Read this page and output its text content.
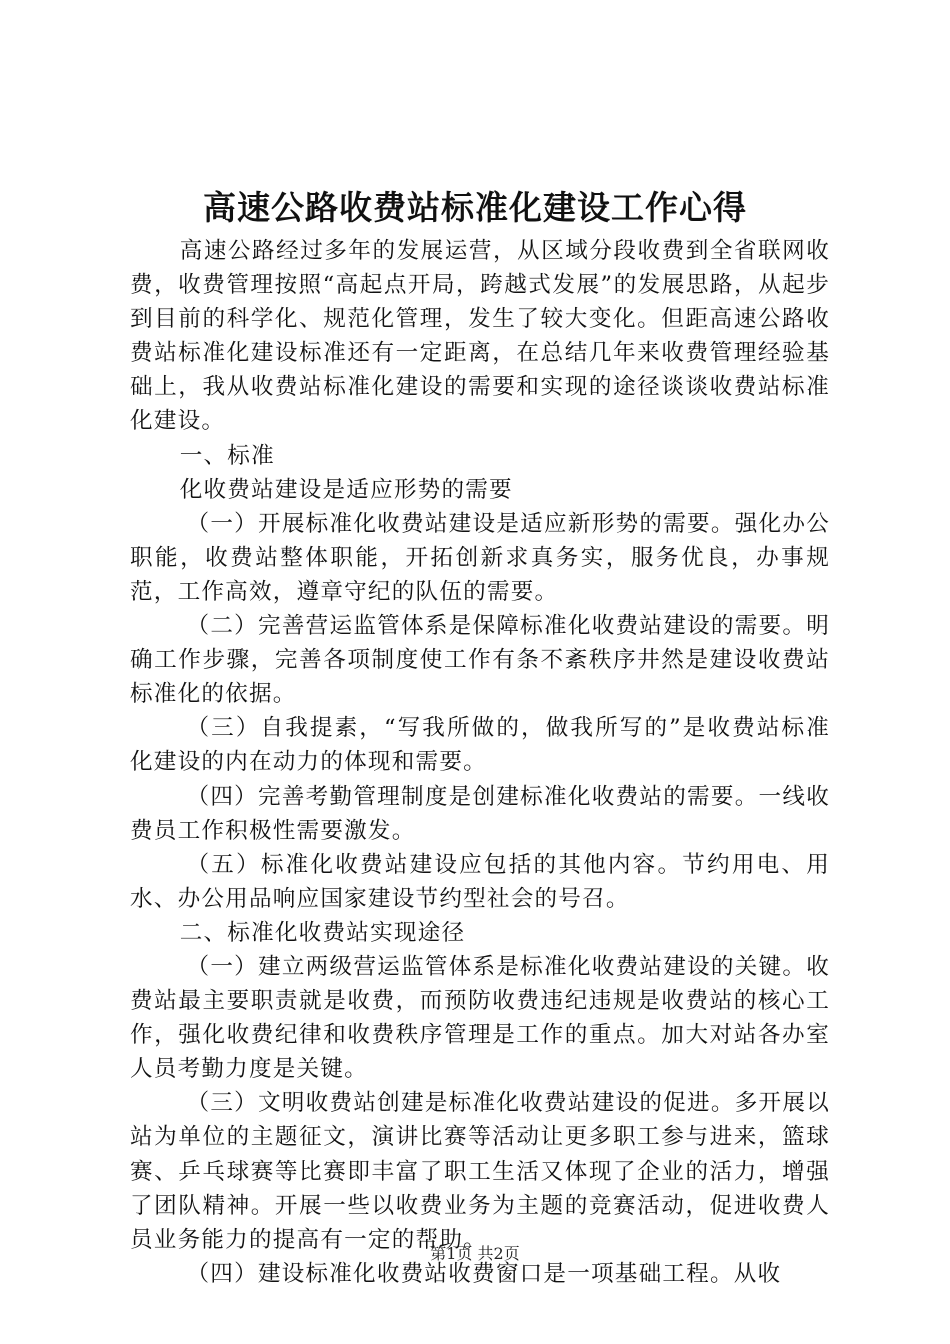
高速公路收费站标准化建设工作心得

高速公路经过多年的发展运营，从区域分段收费到全省联网收费，收费管理按照“高起点开局，跨越式发展”的发展思路，从起步到目前的科学化、规范化管理，发生了较大变化。但距高速公路收费站标准化建设标准还有一定距离，在总结几年来收费管理经验基础上，我从收费站标准化建设的需要和实现的途径谈谈收费站标准化建设。

一、标准

化收费站建设是适应形势的需要

（一）开展标准化收费站建设是适应新形势的需要。强化办公职能，收费站整体职能，开拓创新求真务实，服务优良，办事规范，工作高效，遵章守纪的队伍的需要。

（二）完善营运监管体系是保障标准化收费站建设的需要。明确工作步骤，完善各项制度使工作有条不紊秩序井然是建设收费站标准化的依据。

（三）自我提素，“写我所做的，做我所写的”是收费站标准化建设的内在动力的体现和需要。

（四）完善考勤管理制度是创建标准化收费站的需要。一线收费员工作积极性需要激发。

（五）标准化收费站建设应包括的其他内容。节约用电、用水、办公用品响应国家建设节约型社会的号召。

二、标准化收费站实现途径

（一）建立两级营运监管体系是标准化收费站建设的关键。收费站最主要职责就是收费，而预防收费违纪违规是收费站的核心工作，强化收费纪律和收费秩序管理是工作的重点。加大对站各办室人员考勤力度是关键。

（三）文明收费站创建是标准化收费站建设的促进。多开展以站为单位的主题征文，演讲比赛等活动让更多职工参与进来，篮球赛、乒乓球赛等比赛即丰富了职工生活又体现了企业的活力，增强了团队精神。开展一些以收费业务为主题的竞赛活动，促进收费人员业务能力的提高有一定的帮助。

（四）建设标准化收费站收费窗口是一项基础工程。从收

第1页 共2页
